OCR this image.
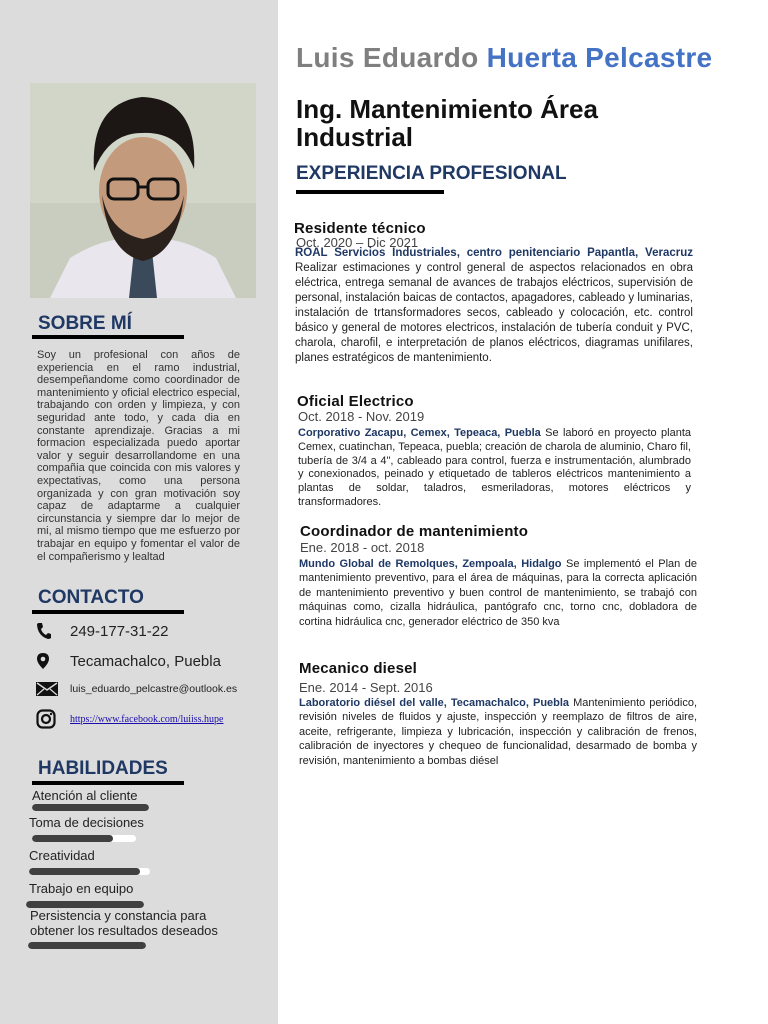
SOBRE MÍ
Soy un profesional con años de experiencia en el ramo industrial, desempeñandome como coordinador de mantenimiento y oficial electrico especial, trabajando con orden y limpieza, y con seguridad ante todo, y cada dia en constante aprendizaje. Gracias a mi formacion especializada puedo aportar valor y seguir desarrollandome en una compañia que coincida con mis valores y expectativas, como una persona organizada y con gran motivación soy capaz de adaptarme a cualquier circunstancia y siempre dar lo mejor de mi, al mismo tiempo que me esfuerzo por trabajar en equipo y fomentar el valor de el compañerismo y lealtad
CONTACTO
249-177-31-22
Tecamachalco, Puebla
luis_eduardo_pelcastre@outlook.es
https://www.facebook.com/luiiss.hupe
HABILIDADES
Atención al cliente
Toma de decisiones
Creatividad
Trabajo en equipo
Persistencia y constancia para obtener los resultados deseados
Luis Eduardo Huerta Pelcastre
Ing. Mantenimiento Área Industrial
EXPERIENCIA PROFESIONAL
Residente técnico
Oct. 2020 – Dic 2021
ROAL Servicios Industriales, centro penitenciario Papantla, Veracruz Realizar estimaciones y control general de aspectos relacionados en obra eléctrica, entrega semanal de avances de trabajos eléctricos, supervisión de personal, instalación baicas de contactos, apagadores, cableado y luminarias, instalación de trtansformadores secos, cableado y colocación, etc. control básico y general de motores electricos, instalación de tubería conduit y PVC, charola, charofil, e interpretación de planos eléctricos, diagramas unifilares, planes estratégicos de mantenimiento.
Oficial Electrico
Oct. 2018 - Nov. 2019
Corporativo Zacapu, Cemex, Tepeaca, Puebla Se laboró en proyecto planta Cemex, cuatinchan, Tepeaca, puebla; creación de charola de aluminio, Charo fil, tubería de 3/4 a 4", cableado para control, fuerza e instrumentación, alumbrado y conexionados, peinado y etiquetado de tableros eléctricos mantenimiento a plantas de soldar, taladros, esmeriladoras, motores eléctricos y transformadores.
Coordinador de mantenimiento
Ene. 2018 - oct. 2018
Mundo Global de Remolques, Zempoala, Hidalgo Se implementó el Plan de mantenimiento preventivo, para el área de máquinas, para la correcta aplicación de mantenimiento preventivo y buen control de mantenimiento, se trabajó con máquinas como, cizalla hidráulica, pantógrafo cnc, torno cnc, dobladora de cortina hidráulica cnc, generador eléctrico de 350 kva
Mecanico diesel
Ene. 2014 - Sept. 2016
Laboratorio diésel del valle, Tecamachalco, Puebla Mantenimiento periódico, revisión niveles de fluidos y ajuste, inspección y reemplazo de filtros de aire, aceite, refrigerante, limpieza y lubricación, inspección y calibración de frenos, calibración de inyectores y chequeo de funcionalidad, desarmado de bomba y revisión, mantenimiento a bombas diésel
